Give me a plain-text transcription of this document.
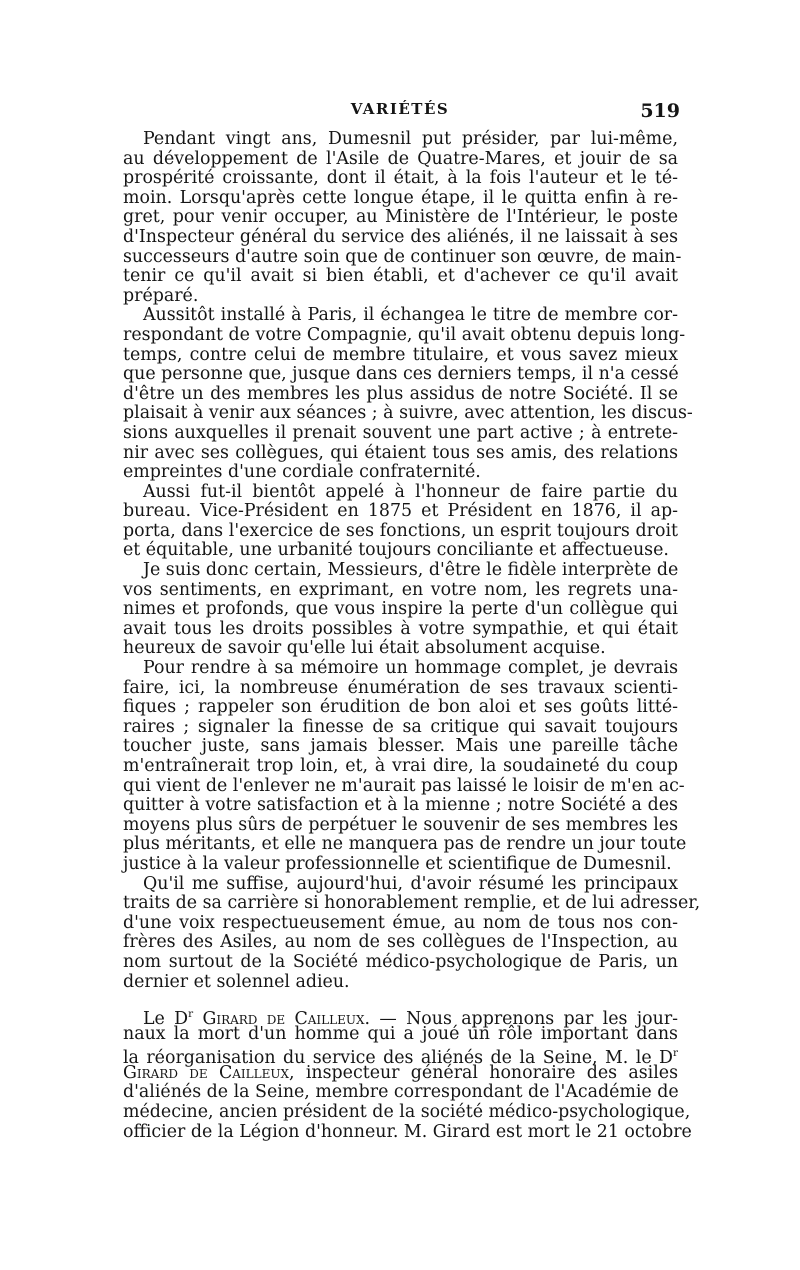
VARIÉTÉS	519
Pendant vingt ans, Dumesnil put présider, par lui-même,
au développement de l'Asile de Quatre-Mares, et jouir de sa
prospérité croissante, dont il était, à la fois l'auteur et le té-
moin. Lorsqu'après cette longue étape, il le quitta enfin à re-
gret, pour venir occuper, au Ministère de l'Intérieur, le poste
d'Inspecteur général du service des aliénés, il ne laissait à ses
successeurs d'autre soin que de continuer son œuvre, de main-
tenir ce qu'il avait si bien établi, et d'achever ce qu'il avait
préparé.
Aussitôt installé à Paris, il échangea le titre de membre cor-
respondant de votre Compagnie, qu'il avait obtenu depuis long-
temps, contre celui de membre titulaire, et vous savez mieux
que personne que, jusque dans ces derniers temps, il n'a cessé
d'être un des membres les plus assidus de notre Société. Il se
plaisait à venir aux séances ; à suivre, avec attention, les discus-
sions auxquelles il prenait souvent une part active ; à entrete-
nir avec ses collègues, qui étaient tous ses amis, des relations
empreintes d'une cordiale confraternité.
Aussi fut-il bientôt appelé à l'honneur de faire partie du
bureau. Vice-Président en 1875 et Président en 1876, il ap-
porta, dans l'exercice de ses fonctions, un esprit toujours droit
et équitable, une urbanité toujours conciliante et affectueuse.
Je suis donc certain, Messieurs, d'être le fidèle interprète de
vos sentiments, en exprimant, en votre nom, les regrets una-
nimes et profonds, que vous inspire la perte d'un collègue qui
avait tous les droits possibles à votre sympathie, et qui était
heureux de savoir qu'elle lui était absolument acquise.
Pour rendre à sa mémoire un hommage complet, je devrais
faire, ici, la nombreuse énumération de ses travaux scienti-
fiques ; rappeler son érudition de bon aloi et ses goûts litté-
raires ; signaler la finesse de sa critique qui savait toujours
toucher juste, sans jamais blesser. Mais une pareille tâche
m'entraînerait trop loin, et, à vrai dire, la soudaineté du coup
qui vient de l'enlever ne m'aurait pas laissé le loisir de m'en ac-
quitter à votre satisfaction et à la mienne ; notre Société a des
moyens plus sûrs de perpétuer le souvenir de ses membres les
plus méritants, et elle ne manquera pas de rendre un jour toute
justice à la valeur professionnelle et scientifique de Dumesnil.
Qu'il me suffise, aujourd'hui, d'avoir résumé les principaux
traits de sa carrière si honorablement remplie, et de lui adresser,
d'une voix respectueusement émue, au nom de tous nos con-
frères des Asiles, au nom de ses collègues de l'Inspection, au
nom surtout de la Société médico-psychologique de Paris, un
dernier et solennel adieu.
Le $D^r$ Girard de Cailleux. — Nous apprenons par les jour-
naux la mort d'un homme qui a joué un rôle important dans
la réorganisation du service des aliénés de la Seine, M. le $D^r$
Girard de Cailleux, inspecteur général honoraire des asiles
d'aliénés de la Seine, membre correspondant de l'Académie de
médecine, ancien président de la société médico-psychologique,
officier de la Légion d'honneur. M. Girard est mort le 21 octobre
